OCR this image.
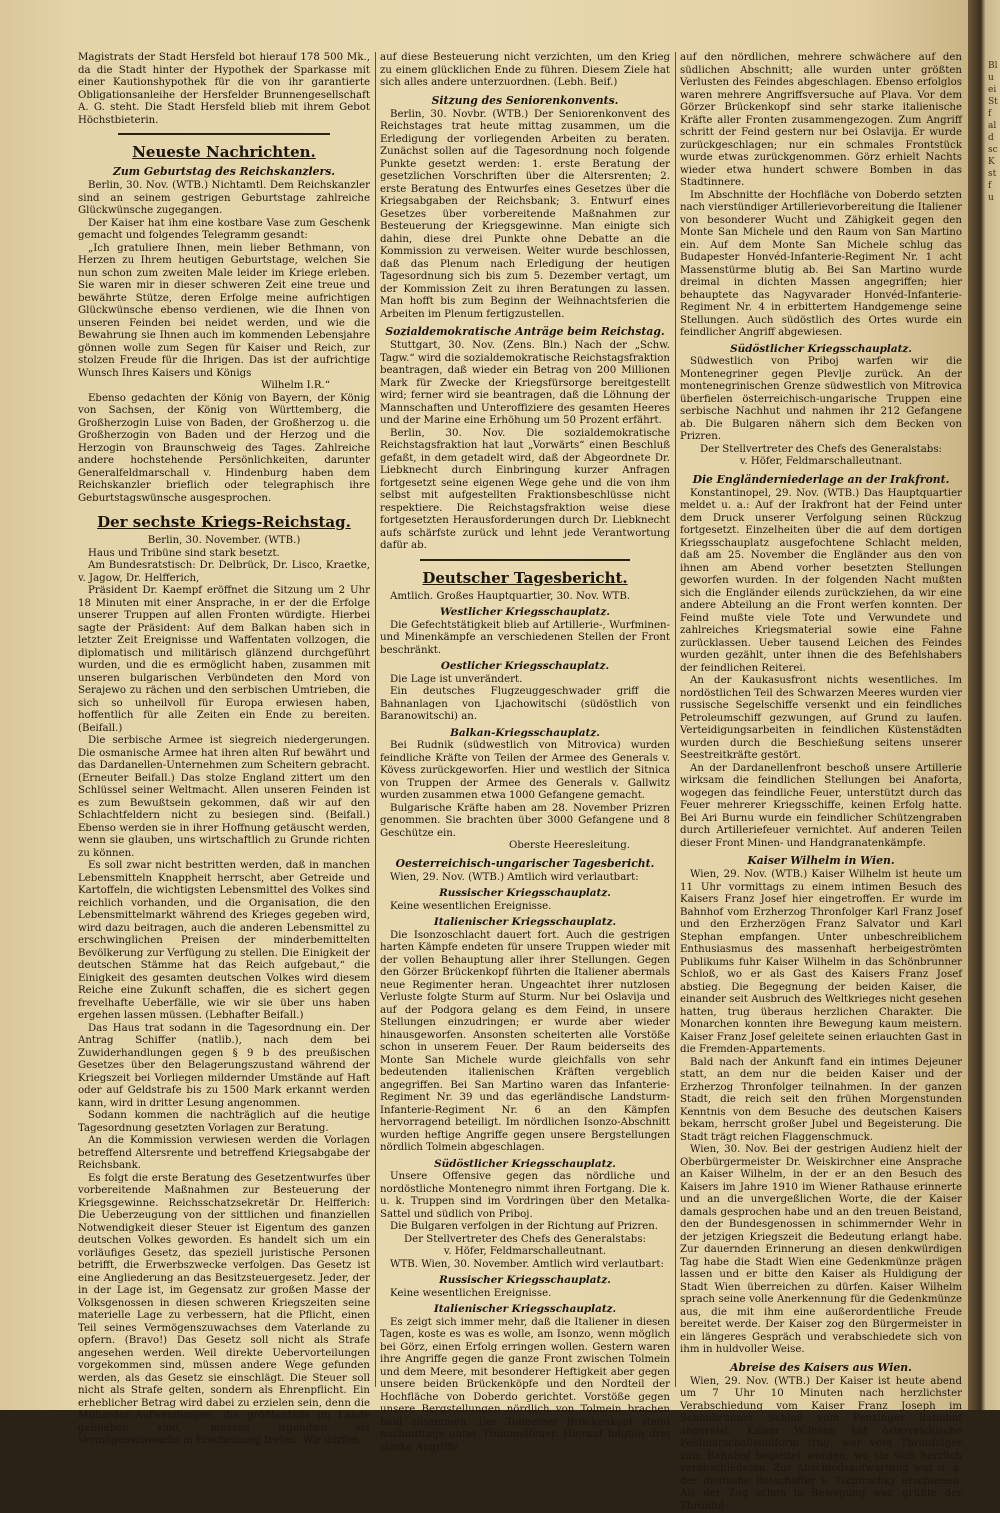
Magistrats der Stadt Hersfeld bot hierauf 178 500 Mk., da die Stadt hinter der Hypothek der Sparkasse mit einer Kautionshypothek für die von ihr garantierte Obligationsanleihe der Hersfelder Brunnengesellschaft A. G. steht. Die Stadt Hersfeld blieb mit ihrem Gebot Höchstbieterin.

Neueste Nachrichten.
Zum Geburtstag des Reichskanzlers.

Berlin, 30. Nov. (WTB.) Nichtamtl. Dem Reichskanzler sind an seinem gestrigen Geburtstage zahlreiche Glückwünsche zugegangen.

Der Kaiser hat ihm eine kostbare Vase zum Geschenk gemacht und folgendes Telegramm gesandt:

„Ich gratuliere Ihnen, mein lieber Bethmann, von Herzen zu Ihrem heutigen Geburtstage, welchen Sie nun schon zum zweiten Male leider im Kriege erleben. Sie waren mir in dieser schweren Zeit eine treue und bewährte Stütze, deren Erfolge meine aufrichtigen Glückwünsche ebenso verdienen, wie die Ihnen von unseren Feinden bei neidet werden, und wie die Bewahrung sie Ihnen auch im kommenden Lebensjahre gönnen wolle zum Segen für Kaiser und Reich, zur stolzen Freude für die Ihrigen. Das ist der aufrichtige Wunsch Ihres Kaisers und Königs

Wilhelm I.R.“

Ebenso gedachten der König von Bayern, der König von Sachsen, der König von Württemberg, die Großherzogin Luise von Baden, der Großherzog u. die Großherzogin von Baden und der Herzog und die Herzogin von Braunschweig des Tages. Zahlreiche andere hochstehende Persönlichkeiten, darunter Generalfeldmarschall v. Hindenburg haben dem Reichskanzler brieflich oder telegraphisch ihre Geburtstagswünsche ausgesprochen.

Der sechste Kriegs-Reichstag.

Berlin, 30. November. (WTB.)

Haus und Tribüne sind stark besetzt.

Am Bundesratstisch: Dr. Delbrück, Dr. Lisco, Kraetke, v. Jagow, Dr. Helfferich,

Präsident Dr. Kaempf eröffnet die Sitzung um 2 Uhr 18 Minuten mit einer Ansprache, in er der die Erfolge unserer Truppen auf allen Fronten würdigte. Hierbei sagte der Präsident: Auf dem Balkan haben sich in letzter Zeit Ereignisse und Waffentaten vollzogen, die diplomatisch und militärisch glänzend durchgeführt wurden, und die es ermöglicht haben, zusammen mit unseren bulgarischen Verbündeten den Mord von Serajewo zu rächen und den serbischen Umtrieben, die sich so unheilvoll für Europa erwiesen haben, hoffentlich für alle Zeiten ein Ende zu bereiten. (Beifall.)

Die serbische Armee ist siegreich niedergerungen. Die osmanische Armee hat ihren alten Ruf bewährt und das Dardanellen-Unternehmen zum Scheitern gebracht. (Erneuter Beifall.) Das stolze England zittert um den Schlüssel seiner Weltmacht. Allen unseren Feinden ist es zum Bewußtsein gekommen, daß wir auf den Schlachtfeldern nicht zu besiegen sind. (Beifall.) Ebenso werden sie in ihrer Hoffnung getäuscht werden, wenn sie glauben, uns wirtschaftlich zu Grunde richten zu können.

Es soll zwar nicht bestritten werden, daß in manchen Lebensmitteln Knappheit herrscht, aber Getreide und Kartoffeln, die wichtigsten Lebensmittel des Volkes sind reichlich vorhanden, und die Organisation, die den Lebensmittelmarkt während des Krieges gegeben wird, wird dazu beitragen, auch die anderen Lebensmittel zu erschwinglichen Preisen der minderbemittelten Bevölkerung zur Verfügung zu stellen. Die Einigkeit der deutschen Stämme hat das Reich aufgebaut,“ die Einigkeit des gesamten deutschen Volkes wird diesem Reiche eine Zukunft schaffen, die es sichert gegen frevelhafte Ueberfälle, wie wir sie über uns haben ergehen lassen müssen. (Lebhafter Beifall.)

Das Haus trat sodann in die Tagesordnung ein. Der Antrag Schiffer (natlib.), nach dem bei Zuwiderhandlungen gegen § 9 b des preußischen Gesetzes über den Belagerungszustand während der Kriegszeit bei Vorliegen mildernder Umstände auf Haft oder auf Geldstrafe bis zu 1500 Mark erkannt werden kann, wird in dritter Lesung angenommen.

Sodann kommen die nachträglich auf die heutige Tagesordnung gesetzten Vorlagen zur Beratung.

An die Kommission verwiesen werden die Vorlagen betreffend Altersrente und betreffend Kriegsabgabe der Reichsbank.

Es folgt die erste Beratung des Gesetzentwurfes über vorbereitende Maßnahmen zur Besteuerung der Kriegsgewinne. Reichsschatzsekretär Dr. Helfferich: Die Ueberzeugung von der sittlichen und finanziellen Notwendigkeit dieser Steuer ist Eigentum des ganzen deutschen Volkes geworden. Es handelt sich um ein vorläufiges Gesetz, das speziell juristische Personen betrifft, die Erwerbszwecke verfolgen. Das Gesetz ist eine Angliederung an das Besitzsteuergesetz. Jeder, der in der Lage ist, im Gegensatz zur großen Masse der Volksgenossen in diesen schweren Kriegszeiten seine materielle Lage zu verbessern, hat die Pflicht, einen Teil seines Vermögenszuwachses dem Vaterlande zu opfern. (Bravo!) Das Gesetz soll nicht als Strafe angesehen werden. Weil direkte Uebervorteilungen vorgekommen sind, müssen andere Wege gefunden werden, als das Gesetz sie einschlägt. Die Steuer soll nicht als Strafe gelten, sondern als Ehrenpflicht. Ein erheblicher Betrag wird dabei zu erzielen sein, denn die Milliarden-Aufwendungen, die größtenteils im Lande geblieben sind, müssen irgendwo als Vermögenszuwachs in Erscheinung treten. Wir dürfen

auf diese Besteuerung nicht verzichten, um den Krieg zu einem glücklichen Ende zu führen. Diesem Ziele hat sich alles andere unterzuordnen. (Lebh. Beif.)

Sitzung des Seniorenkonvents.

Berlin, 30. Novbr. (WTB.) Der Seniorenkonvent des Reichstages trat heute mittag zusammen, um die Erledigung der vorliegenden Arbeiten zu beraten. Zunächst sollen auf die Tagesordnung noch folgende Punkte gesetzt werden: 1. erste Beratung der gesetzlichen Vorschriften über die Altersrenten; 2. erste Beratung des Entwurfes eines Gesetzes über die Kriegsabgaben der Reichsbank; 3. Entwurf eines Gesetzes über vorbereitende Maßnahmen zur Besteuerung der Kriegsgewinne. Man einigte sich dahin, diese drei Punkte ohne Debatte an die Kommission zu verweisen. Weiter wurde beschlossen, daß das Plenum nach Erledigung der heutigen Tagesordnung sich bis zum 5. Dezember vertagt, um der Kommission Zeit zu ihren Beratungen zu lassen. Man hofft bis zum Beginn der Weihnachtsferien die Arbeiten im Plenum fertigzustellen.

Sozialdemokratische Anträge beim Reichstag.

Stuttgart, 30. Nov. (Zens. Bln.) Nach der „Schw. Tagw.“ wird die sozialdemokratische Reichstagsfraktion beantragen, daß wieder ein Betrag von 200 Millionen Mark für Zwecke der Kriegsfürsorge bereitgestellt wird; ferner wird sie beantragen, daß die Löhnung der Mannschaften und Unteroffiziere des gesamten Heeres und der Marine eine Erhöhung um 50 Prozent erfährt.

Berlin, 30. Nov. Die sozialdemokratische Reichstagsfraktion hat laut „Vorwärts“ einen Beschluß gefaßt, in dem getadelt wird, daß der Abgeordnete Dr. Liebknecht durch Einbringung kurzer Anfragen fortgesetzt seine eigenen Wege gehe und die von ihm selbst mit aufgestellten Fraktionsbeschlüsse nicht respektiere. Die Reichstagsfraktion weise diese fortgesetzten Herausforderungen durch Dr. Liebknecht aufs schärfste zurück und lehnt jede Verantwortung dafür ab.

Deutscher Tagesbericht.

Amtlich. Großes Hauptquartier, 30. Nov. WTB.

Westlicher Kriegsschauplatz.

Die Gefechtstätigkeit blieb auf Artillerie-, Wurfminen- und Minenkämpfe an verschiedenen Stellen der Front beschränkt.

Oestlicher Kriegsschauplatz.

Die Lage ist unverändert.

Ein deutsches Flugzeuggeschwader griff die Bahnanlagen von Ljachowitschi (südöstlich von Baranowitschi) an.

Balkan-Kriegsschauplatz.

Bei Rudnik (südwestlich von Mitrovica) wurden feindliche Kräfte von Teilen der Armee des Generals v. Kövess zurückgeworfen. Hier und westlich der Sitnica von Truppen der Armee des Generals v. Gallwitz wurden zusammen etwa 1000 Gefangene gemacht.

Bulgarische Kräfte haben am 28. November Prizren genommen. Sie brachten über 3000 Gefangene und 8 Geschütze ein.

Oberste Heeresleitung.

Oesterreichisch-ungarischer Tagesbericht.

Wien, 29. Nov. (WTB.) Amtlich wird verlautbart:

Russischer Kriegsschauplatz.

Keine wesentlichen Ereignisse.

Italienischer Kriegsschauplatz.

Die Isonzoschlacht dauert fort. Auch die gestrigen harten Kämpfe endeten für unsere Truppen wieder mit der vollen Behauptung aller ihrer Stellungen. Gegen den Görzer Brückenkopf führten die Italiener abermals neue Regimenter heran. Ungeachtet ihrer nutzlosen Verluste folgte Sturm auf Sturm. Nur bei Oslavija und auf der Podgora gelang es dem Feind, in unsere Stellungen einzudringen; er wurde aber wieder hinausgeworfen. Ansonsten scheiterten alle Vorstöße schon in unserem Feuer. Der Raum beiderseits des Monte San Michele wurde gleichfalls von sehr bedeutenden italienischen Kräften vergeblich angegriffen. Bei San Martino waren das Infanterie-Regiment Nr. 39 und das egerländische Landsturm-Infanterie-Regiment Nr. 6 an den Kämpfen hervorragend beteiligt. Im nördlichen Isonzo-Abschnitt wurden heftige Angriffe gegen unsere Bergstellungen nördlich Tolmein abgeschlagen.

Südöstlicher Kriegsschauplatz.

Unsere Offensive gegen das nördliche und nordöstliche Montenegro nimmt ihren Fortgang. Die k. u. k. Truppen sind im Vordringen über den Metalka-Sattel und südlich von Priboj.

Die Bulgaren verfolgen in der Richtung auf Prizren.

Der Stellvertreter des Chefs des Generalstabs:

v. Höfer, Feldmarschalleutnant.

WTB. Wien, 30. November. Amtlich wird verlautbart:

Russischer Kriegsschauplatz.

Keine wesentlichen Ereignisse.

Italienischer Kriegsschauplatz.

Es zeigt sich immer mehr, daß die Italiener in diesen Tagen, koste es was es wolle, am Isonzo, wenn möglich bei Görz, einen Erfolg erringen wollen. Gestern waren ihre Angriffe gegen die ganze Front zwischen Tolmein und dem Meere, mit besonderer Heftigkeit aber gegen unsere beiden Brückenköpfe und den Nordteil der Hochfläche von Doberdo gerichtet. Vorstöße gegen unsere Bergstellungen nördlich von Tolmein brachen bald zusammen. Der Tolmeiner Brückenkopf stand nachmittags unter Trommelfeuer. Hierauf folgten drei starke Angriffe

auf den nördlichen, mehrere schwächere auf den südlichen Abschnitt; alle wurden unter größten Verlusten des Feindes abgeschlagen. Ebenso erfolglos waren mehrere Angriffsversuche auf Plava. Vor dem Görzer Brückenkopf sind sehr starke italienische Kräfte aller Fronten zusammengezogen. Zum Angriff schritt der Feind gestern nur bei Oslavija. Er wurde zurückgeschlagen; nur ein schmales Frontstück wurde etwas zurückgenommen. Görz erhielt Nachts wieder etwa hundert schwere Bomben in das Stadtinnere.

Im Abschnitte der Hochfläche von Doberdo setzten nach vierstündiger Artillerievorbereitung die Italiener von besonderer Wucht und Zähigkeit gegen den Monte San Michele und den Raum von San Martino ein. Auf dem Monte San Michele schlug das Budapester Honvéd-Infanterie-Regiment Nr. 1 acht Massenstürme blutig ab. Bei San Martino wurde dreimal in dichten Massen angegriffen; hier behauptete das Nagyvarader Honvéd-Infanterie-Regiment Nr. 4 in erbittertem Handgemenge seine Stellungen. Auch südöstlich des Ortes wurde ein feindlicher Angriff abgewiesen.

Südöstlicher Kriegsschauplatz.

Südwestlich von Priboj warfen wir die Montenegriner gegen Plevlje zurück. An der montenegrinischen Grenze südwestlich von Mitrovica überfielen österreichisch-ungarische Truppen eine serbische Nachhut und nahmen ihr 212 Gefangene ab. Die Bulgaren nähern sich dem Becken von Prizren.

Der Stellvertreter des Chefs des Generalstabs:

v. Höfer, Feldmarschalleutnant.

Die Engländerniederlage an der Irakfront.

Konstantinopel, 29. Nov. (WTB.) Das Hauptquartier meldet u. a.: Auf der Irakfront hat der Feind unter dem Druck unserer Verfolgung seinen Rückzug fortgesetzt. Einzelheiten über die auf dem dortigen Kriegsschauplatz ausgefochtene Schlacht melden, daß am 25. November die Engländer aus den von ihnen am Abend vorher besetzten Stellungen geworfen wurden. In der folgenden Nacht mußten sich die Engländer eilends zurückziehen, da wir eine andere Abteilung an die Front werfen konnten. Der Feind mußte viele Tote und Verwundete und zahlreiches Kriegsmaterial sowie eine Fahne zurücklassen. Ueber tausend Leichen des Feindes wurden gezählt, unter ihnen die des Befehlshabers der feindlichen Reiterei.

An der Kaukasusfront nichts wesentliches. Im nordöstlichen Teil des Schwarzen Meeres wurden vier russische Segelschiffe versenkt und ein feindliches Petroleumschiff gezwungen, auf Grund zu laufen. Verteidigungsarbeiten in feindlichen Küstenstädten wurden durch die Beschießung seitens unserer Seestreitkräfte gestört.

An der Dardanellenfront beschoß unsere Artillerie wirksam die feindlichen Stellungen bei Anaforta, wogegen das feindliche Feuer, unterstützt durch das Feuer mehrerer Kriegsschiffe, keinen Erfolg hatte. Bei Ari Burnu wurde ein feindlicher Schützengraben durch Artilleriefeuer vernichtet. Auf anderen Teilen dieser Front Minen- und Handgranatenkämpfe.

Kaiser Wilhelm in Wien.

Wien, 29. Nov. (WTB.) Kaiser Wilhelm ist heute um 11 Uhr vormittags zu einem intimen Besuch des Kaisers Franz Josef hier eingetroffen. Er wurde im Bahnhof vom Erzherzog Thronfolger Karl Franz Josef und den Erzherzögen Franz Salvator und Karl Stephan empfangen. Unter unbeschreiblichem Enthusiasmus des massenhaft herbeigeströmten Publikums fuhr Kaiser Wilhelm in das Schönbrunner Schloß, wo er als Gast des Kaisers Franz Josef abstieg. Die Begegnung der beiden Kaiser, die einander seit Ausbruch des Weltkrieges nicht gesehen hatten, trug überaus herzlichen Charakter. Die Monarchen konnten ihre Bewegung kaum meistern. Kaiser Franz Josef geleitete seinen erlauchten Gast in die Fremden-Appartements.

Bald nach der Ankunft fand ein intimes Dejeuner statt, an dem nur die beiden Kaiser und der Erzherzog Thronfolger teilnahmen. In der ganzen Stadt, die reich seit den frühen Morgenstunden Kenntnis von dem Besuche des deutschen Kaisers bekam, herrscht großer Jubel und Begeisterung. Die Stadt trägt reichen Flaggenschmuck.

Wien, 30. Nov. Bei der gestrigen Audienz hielt der Oberbürgermeister Dr. Weiskirchner eine Ansprache an Kaiser Wilhelm, in der er an den Besuch des Kaisers im Jahre 1910 im Wiener Rathause erinnerte und an die unvergeßlichen Worte, die der Kaiser damals gesprochen habe und an den treuen Beistand, den der Bundesgenossen in schimmernder Wehr in der jetzigen Kriegszeit die Bedeutung erlangt habe. Zur dauernden Erinnerung an diesen denkwürdigen Tag habe die Stadt Wien eine Gedenkmünze prägen lassen und er bitte den Kaiser als Huldigung der Stadt Wien überreichen zu dürfen. Kaiser Wilhelm sprach seine volle Anerkennung für die Gedenkmünze aus, die mit ihm eine außerordentliche Freude bereitet werde. Der Kaiser zog den Bürgermeister in ein längeres Gespräch und verabschiedete sich von ihm in huldvoller Weise.

Abreise des Kaisers aus Wien.

Wien, 29. Nov. (WTB.) Der Kaiser ist heute abend um 7 Uhr 10 Minuten nach herzlichster Verabschiedung vom Kaiser Franz Joseph im Schönbrunner Schloß vom Penzinger Bahnhof abgereist. Kaiser Wilhelm hat österreichische Feldmarschallsuniform trug, war vom Thronfolger zum Bahnhof begleitet worden, wo sie sich herzlich verabschiedeten. Zur Abschiedsaufwartung war u. a. der deutsche Botschafter v. Tschirschky erschienen. Als der Zug schon in Bewegung war, grüßte der Thronfol-

Bl
u
ei
St
f
al
d
sc
K
st
f
u
